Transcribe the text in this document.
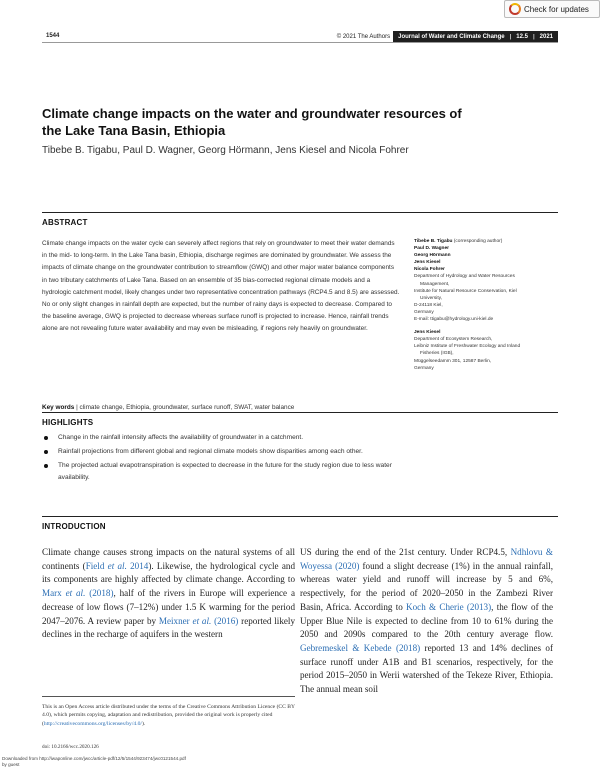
Check for updates
1544	© 2021 The Authors	Journal of Water and Climate Change | 12.5 | 2021
Climate change impacts on the water and groundwater resources of the Lake Tana Basin, Ethiopia
Tibebe B. Tigabu, Paul D. Wagner, Georg Hörmann, Jens Kiesel and Nicola Fohrer
ABSTRACT

Climate change impacts on the water cycle can severely affect regions that rely on groundwater to meet their water demands in the mid- to long-term. In the Lake Tana basin, Ethiopia, discharge regimes are dominated by groundwater. We assess the impacts of climate change on the groundwater contribution to streamflow (GWQ) and other major water balance components in two tributary catchments of Lake Tana. Based on an ensemble of 35 bias-corrected regional climate models and a hydrologic catchment model, likely changes under two representative concentration pathways (RCP4.5 and 8.5) are assessed. No or only slight changes in rainfall depth are expected, but the number of rainy days is expected to decrease. Compared to the baseline average, GWQ is projected to decrease whereas surface runoff is projected to increase. Hence, rainfall trends alone are not revealing future water availability and may even be misleading, if regions rely heavily on groundwater.

Key words | climate change, Ethiopia, groundwater, surface runoff, SWAT, water balance
Tibebe B. Tigabu (corresponding author)
Paul D. Wagner
Georg Hörmann
Jens Kiesel
Nicola Fohrer
Department of Hydrology and Water Resources
Management,
Institute for Natural Resource Conservation, Kiel
University,
D-24118 Kiel,
Germany
E-mail: ttigabu@hydrology.uni-kiel.de
Jens Kiesel
Department of Ecosystem Research,
Leibniz Institute of Freshwater Ecology and Inland
Fisheries (IGB),
Müggelseedamm 301, 12587 Berlin,
Germany
HIGHLIGHTS
Change in the rainfall intensity affects the availability of groundwater in a catchment.
Rainfall projections from different global and regional climate models show disparities among each other.
The projected actual evapotranspiration is expected to decrease in the future for the study region due to less water availability.
INTRODUCTION

Climate change causes strong impacts on the natural systems of all continents (Field et al. 2014). Likewise, the hydrological cycle and its components are highly affected by climate change. According to Marx et al. (2018), half of the rivers in Europe will experience a decrease of low flows (7–12%) under 1.5 K warming for the period 2047–2076. A review paper by Meixner et al. (2016) reported likely declines in the recharge of aquifers in the western

US during the end of the 21st century. Under RCP4.5, Ndhlovu & Woyessa (2020) found a slight decrease (1%) in the annual rainfall, whereas water yield and runoff will increase by 5 and 6%, respectively, for the period of 2020–2050 in the Zambezi River Basin, Africa. According to Koch & Cherie (2013), the flow of the Upper Blue Nile is expected to decline from 10 to 61% during the 2050 and 2090s compared to the 20th century average flow. Gebremeskel & Kebede (2018) reported 13 and 14% declines of surface runoff under A1B and B1 scenarios, respectively, for the period 2015–2050 in Werii watershed of the Tekeze River, Ethiopia. The annual mean soil

This is an Open Access article distributed under the terms of the Creative Commons Attribution Licence (CC BY 4.0), which permits copying, adaptation and redistribution, provided the original work is properly cited (http://creativecommons.org/licenses/by/4.0/).
doi: 10.2166/wcc.2020.126
Downloaded from http://iwaponline.com/jwcc/article-pdf/12/5/1544/923474/jwc0121544.pdf
by guest
